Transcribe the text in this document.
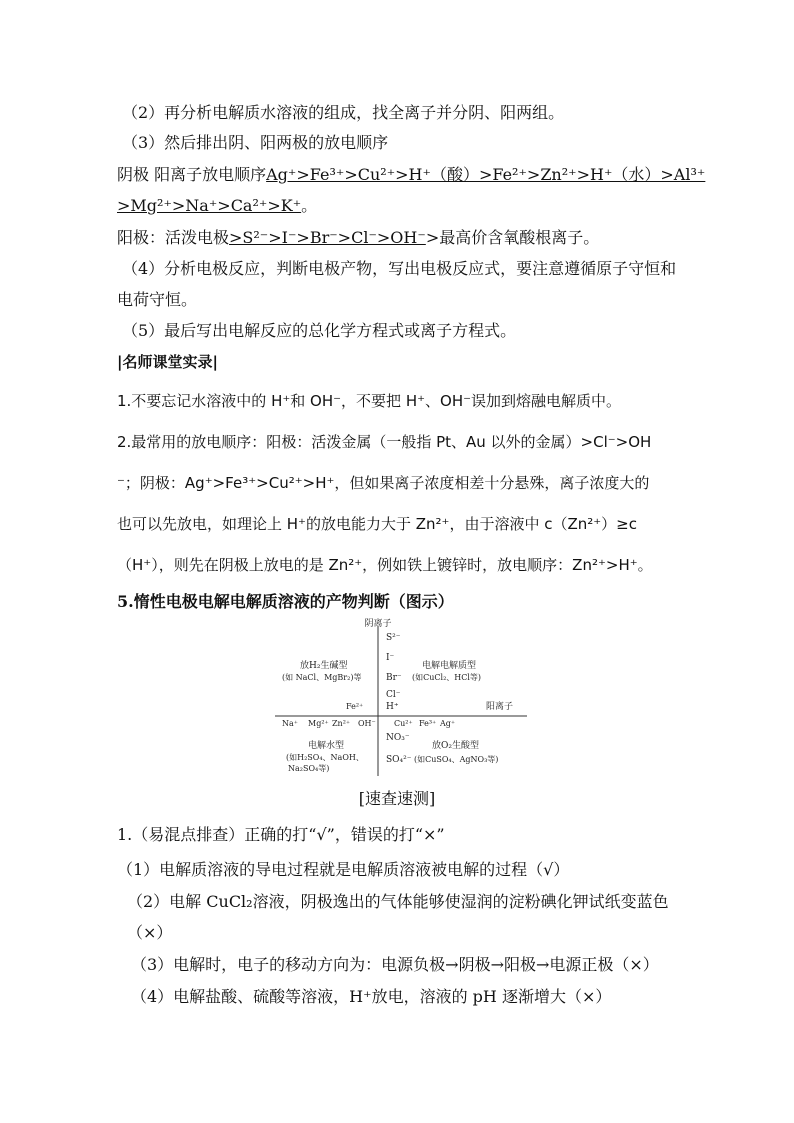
（2）再分析电解质水溶液的组成，找全离子并分阴、阳两组。
（3）然后排出阴、阳两极的放电顺序
阴极 阳离子放电顺序Ag⁺>Fe³⁺>Cu²⁺>H⁺（酸）>Fe²⁺>Zn²⁺>H⁺（水）>Al³⁺
>Mg²⁺>Na⁺>Ca²⁺>K⁺。
阳极：活泼电极>S²⁻>I⁻>Br⁻>Cl⁻>OH⁻>最高价含氧酸根离子。
（4）分析电极反应，判断电极产物，写出电极反应式，要注意遵循原子守恒和
电荷守恒。
（5）最后写出电解反应的总化学方程式或离子方程式。
|名师课堂实录|
1.不要忘记水溶液中的 H⁺和 OH⁻，不要把 H⁺、OH⁻误加到熔融电解质中。
2.最常用的放电顺序：阳极：活泼金属（一般指 Pt、Au 以外的金属）>Cl⁻>OH
⁻；阴极：Ag⁺>Fe³⁺>Cu²⁺>H⁺，但如果离子浓度相差十分悬殊，离子浓度大的
也可以先放电，如理论上 H⁺的放电能力大于 Zn²⁺，由于溶液中 c（Zn²⁺）≥c
（H⁺），则先在阴极上放电的是 Zn²⁺，例如铁上镀锌时，放电顺序：Zn²⁺>H⁺。
5.惰性电极电解电解质溶液的产物判断（图示）
阴离子
阳离子
S²⁻
I⁻
Br⁻
Cl⁻
H⁺
NO₃⁻
SO₄²⁻
Fe²⁺
Na⁺ Mg²⁺ Zn²⁺ OH⁻ Cu²⁺ Fe³⁺ Ag⁺
放H₂生碱型
(如 NaCl、MgBr₂)等
电解电解质型
(如CuCl₂、HCl等)
电解水型
(如H₂SO₄、NaOH、
Na₂SO₄等)
放O₂生酸型
(如CuSO₄、AgNO₃等)
[速查速测]
1.（易混点排查）正确的打“√”，错误的打“×”
（1）电解质溶液的导电过程就是电解质溶液被电解的过程（√）
（2）电解 CuCl₂溶液，阴极逸出的气体能够使湿润的淀粉碘化钾试纸变蓝色
（×）
（3）电解时，电子的移动方向为：电源负极→阴极→阳极→电源正极（×）
（4）电解盐酸、硫酸等溶液，H⁺放电，溶液的 pH 逐渐增大（×）
